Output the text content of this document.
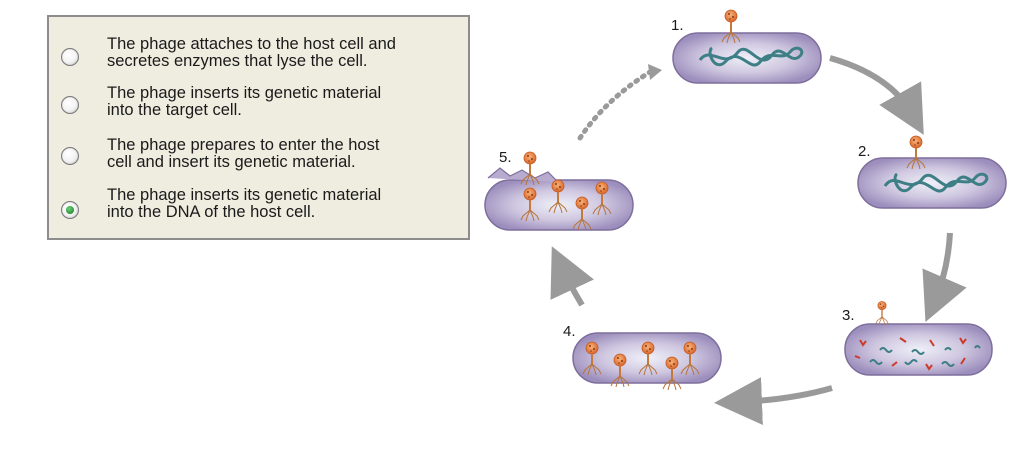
The phage attaches to the host cell and
secretes enzymes that lyse the cell.
The phage inserts its genetic material
into the target cell.
The phage prepares to enter the host
cell and insert its genetic material.
The phage inserts its genetic material
into the DNA of the host cell.
1.
2.
3.
4.
5.
